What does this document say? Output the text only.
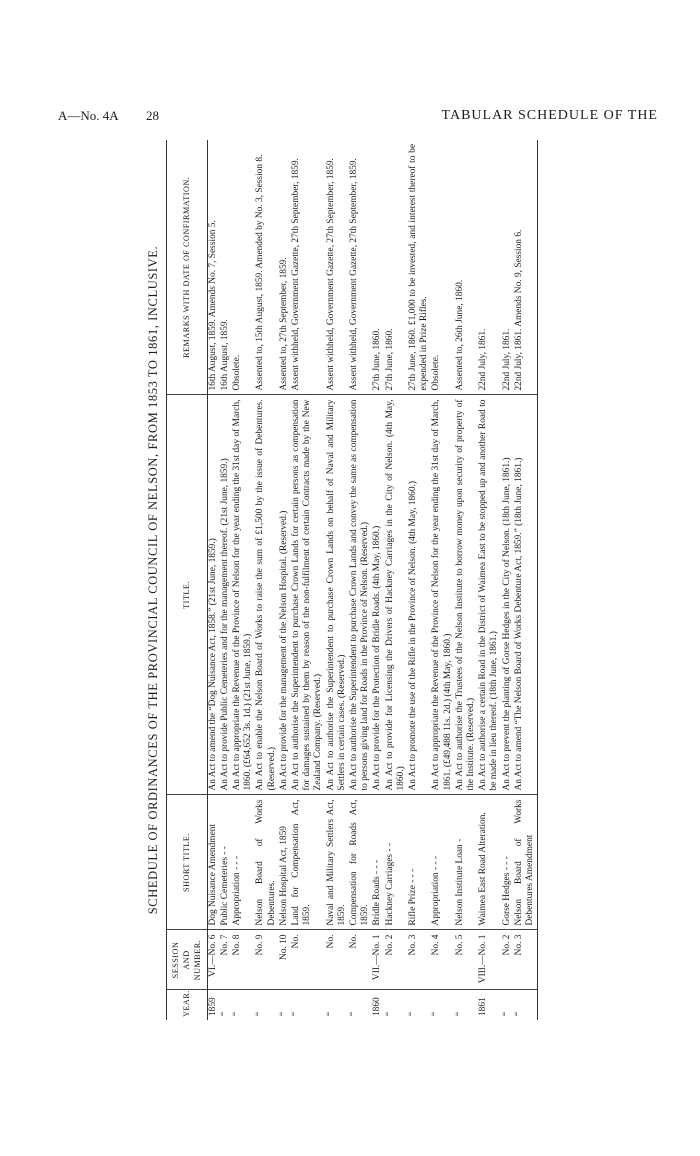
A—No. 4A 28	TABULAR SCHEDULE OF THE
SCHEDULE OF ORDINANCES OF THE PROVINCIAL COUNCIL OF NELSON, FROM 1853 TO 1861, INCLUSIVE.
YEAR.	SESSION AND NUMBER.	SHORT TITLE.	TITLE.	REMARKS WITH DATE OF CONFIRMATION.
1859	VI.—No. 6	Dog Nuisance Amendment	An Act to amend the “Dog Nuisance Act, 1858.” (21st June, 1859.)	16th August, 1859. Amends No. 7, Session 5.
“	No. 7	Public Cemeteries - -	An Act to provide Public Cemeteries and for the management thereof. (21st June, 1859.)	16th August, 1859.
“	No. 8	Appropriation - - -	An Act to appropriate the Revenue of the Province of Nelson for the year ending the 31st day of March, 1860. (£64,652 3s. 1d.) (21st June, 1859.)	Obsolete.
“	No. 9	Nelson Board of Works Debentures.	An Act to enable the Nelson Board of Works to raise the sum of £1,500 by the issue of Debentures. (Reserved.)	Assented to, 15th August, 1859. Amended by No. 3, Session 8.
“	No. 10	Nelson Hospital Act, 1859	An Act to provide for the management of the Nelson Hospital. (Reserved.)	Assented to, 27th September, 1859.
“	No.	Land for Compensation Act, 1859.	An Act to authorise the Superintendent to purchase Crown Lands for certain persons as compensation for damages sustained by them by reason of the non-fulfilment of certain Contracts made by the New Zealand Company. (Reserved.)	Assent withheld, Government Gazette, 27th September, 1859.
“	No.	Naval and Military Settlers Act, 1859.	An Act to authorise the Superintendent to purchase Crown Lands on behalf of Naval and Military Settlers in certain cases. (Reserved.)	Assent withheld, Government Gazette, 27th September, 1859.
“	No.	Compensation for Roads Act, 1859.	An Act to authorise the Superintendent to purchase Crown Lands and convey the same as compensation to persons giving land for Roads in the Province of Nelson. (Reserved.)	Assent withheld, Government Gazette, 27th September, 1859.
1860	VII.—No. 1	Bridle Roads - - -	An Act to provide for the Protection of Bridle Roads. (4th May, 1860.)	27th June, 1860.
“	No. 2	Hackney Carriages - -	An Act to provide for Licensing the Drivers of Hackney Carriages in the City of Nelson. (4th May, 1860.)	27th June, 1860.
“	No. 3	Rifle Prize - - -	An Act to promote the use of the Rifle in the Province of Nelson. (4th May, 1860.)	27th June, 1860. £1,000 to be invested, and interest thereof to be expended in Prize Rifles.
“	No. 4	Appropriation - - -	An Act to appropriate the Revenue of the Province of Nelson for the year ending the 31st day of March, 1861. (£49,488 11s. 2d.) (4th May, 1860.)	Obsolete.
“	No. 5	Nelson Institute Loan -	An Act to authorise the Trustees of the Nelson Institute to borrow money upon security of property of the Institute. (Reserved.)	Assented to, 26th June, 1860.
1861	VIII.—No. 1	Waimea East Road Alteration.	An Act to authorise a certain Road in the District of Waimea East to be stopped up and another Road to be made in lieu thereof. (18th June, 1861.)	22nd July, 1861.
“	No. 2	Gorse Hedges - - -	An Act to prevent the planting of Gorse Hedges in the City of Nelson. (18th June, 1861.)	22nd July, 1861.
“	No. 3	Nelson Board of Works Debentures Amendment	An Act to amend “The Nelson Board of Works Debenture Act, 1859.” (18th June, 1861.)	22nd July, 1861. Amends No. 9, Session 6.
